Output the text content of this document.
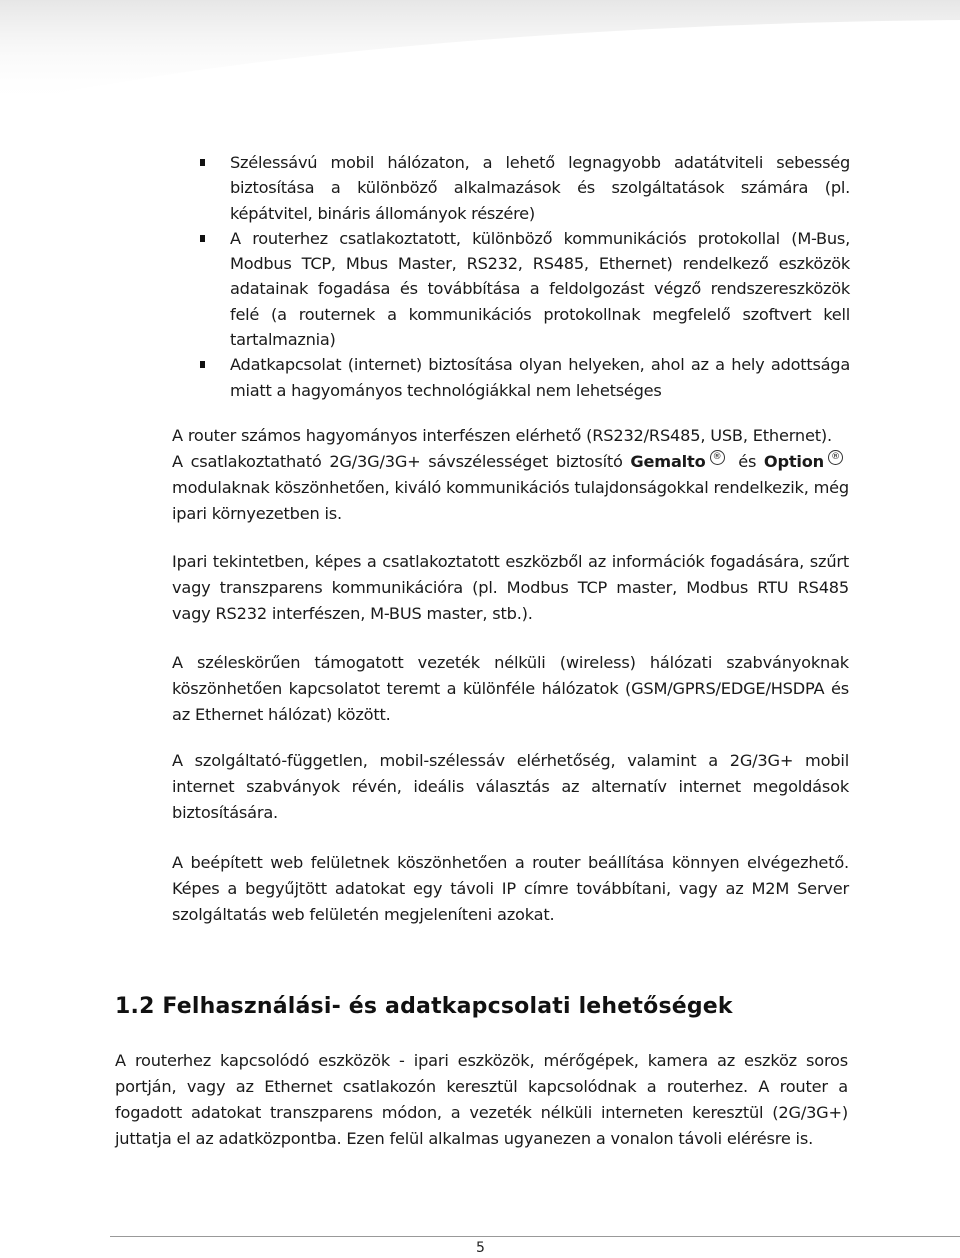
Szélessávú mobil hálózaton, a lehető legnagyobb adatátviteli sebesség biztosítása a különböző alkalmazások és szolgáltatások számára (pl. képátvitel, bináris állományok részére)
A routerhez csatlakoztatott, különböző kommunikációs protokollal (M-Bus, Modbus TCP, Mbus Master, RS232, RS485, Ethernet) rendelkező eszközök adatainak fogadása és továbbítása a feldolgozást végző rendszereszközök felé (a routernek a kommunikációs protokollnak megfelelő szoftvert kell tartalmaznia)
Adatkapcsolat (internet) biztosítása olyan helyeken, ahol az a hely adottsága miatt a hagyományos technológiákkal nem lehetséges
A router számos hagyományos interfészen elérhető (RS232/RS485, USB, Ethernet).
A csatlakoztatható 2G/3G/3G+ sávszélességet biztosító Gemalto ® és Option ® modulaknak köszönhetően, kiváló kommunikációs tulajdonságokkal rendelkezik, még ipari környezetben is.
Ipari tekintetben, képes a csatlakoztatott eszközből az információk fogadására, szűrt vagy transzparens kommunikációra (pl. Modbus TCP master, Modbus RTU RS485 vagy RS232 interfészen, M-BUS master, stb.).
A széleskörűen támogatott vezeték nélküli (wireless) hálózati szabványoknak köszönhetően kapcsolatot teremt a különféle hálózatok (GSM/GPRS/EDGE/HSDPA és az Ethernet hálózat) között.
A szolgáltató-független, mobil-szélessáv elérhetőség, valamint a 2G/3G+ mobil internet szabványok révén, ideális választás az alternatív internet megoldások biztosítására.
A beépített web felületnek köszönhetően a router beállítása könnyen elvégezhető. Képes a begyűjtött adatokat egy távoli IP címre továbbítani, vagy az M2M Server szolgáltatás web felületén megjeleníteni azokat.
1.2 Felhasználási- és adatkapcsolati lehetőségek
A routerhez kapcsolódó eszközök - ipari eszközök, mérőgépek, kamera az eszköz soros portján, vagy az Ethernet csatlakozón keresztül kapcsolódnak a routerhez. A router a fogadott adatokat transzparens módon, a vezeték nélküli interneten keresztül (2G/3G+) juttatja el az adatközpontba. Ezen felül alkalmas ugyanezen a vonalon távoli elérésre is.
5
